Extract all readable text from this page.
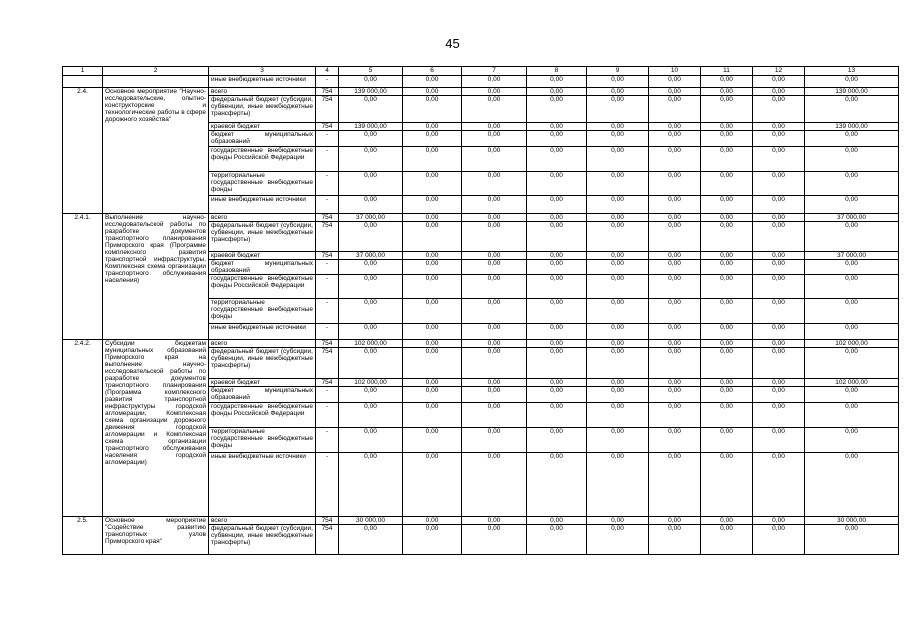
45
1	2	3	4	5	6	7	8	9	10	11	12	13
		иные внебюджетные источники	-	0,00	0,00	0,00	0,00	0,00	0,00	0,00	0,00	0,00
2.4.	Основное мероприятие "Научно-исследовательские, опытно-конструкторские и технологические работы в сфере дорожного хозяйства"	всего	754	139 000,00	0,00	0,00	0,00	0,00	0,00	0,00	0,00	139 000,00
		федеральный бюджет (субсидии, субвенции, иные межбюджетные трансферты)	754	0,00	0,00	0,00	0,00	0,00	0,00	0,00	0,00	0,00
		краевой бюджет	754	139 000,00	0,00	0,00	0,00	0,00	0,00	0,00	0,00	139 000,00
		бюджет муниципальных образований	-	0,00	0,00	0,00	0,00	0,00	0,00	0,00	0,00	0,00
		государственные внебюджетные фонды Российской Федерации	-	0,00	0,00	0,00	0,00	0,00	0,00	0,00	0,00	0,00
		территориальные государственные внебюджетные фонды	-	0,00	0,00	0,00	0,00	0,00	0,00	0,00	0,00	0,00
		иные внебюджетные источники	-	0,00	0,00	0,00	0,00	0,00	0,00	0,00	0,00	0,00
2.4.1.	Выполнение научно-исследовательской работы по разработке документов транспортного планирования Приморского края (Программе комплексного развития транспортной инфраструктуры, Комплексная схема организации транспортного обслуживания населения)	всего	754	37 000,00	0,00	0,00	0,00	0,00	0,00	0,00	0,00	37 000,00
		федеральный бюджет (субсидии, субвенции, иные межбюджетные трансферты)	754	0,00	0,00	0,00	0,00	0,00	0,00	0,00	0,00	0,00
		краевой бюджет	754	37 000,00	0,00	0,00	0,00	0,00	0,00	0,00	0,00	37 000,00
		бюджет муниципальных образований	-	0,00	0,00	0,00	0,00	0,00	0,00	0,00	0,00	0,00
		государственные внебюджетные фонды Российской Федерации	-	0,00	0,00	0,00	0,00	0,00	0,00	0,00	0,00	0,00
		территориальные государственные внебюджетные фонды	-	0,00	0,00	0,00	0,00	0,00	0,00	0,00	0,00	0,00
		иные внебюджетные источники	-	0,00	0,00	0,00	0,00	0,00	0,00	0,00	0,00	0,00
2.4.2.	Субсидии бюджетам муниципальных образований Приморского края на выполнение научно-исследовательской работы по разработке документов транспортного планирования (Программа комплексного развития транспортной инфраструктуры городской агломерации, Комплексная схема организации дорожного движения городской агломерации и Комплексная схема организации транспортного обслуживания населения городской агломерации)	всего	754	102 000,00	0,00	0,00	0,00	0,00	0,00	0,00	0,00	102 000,00
		федеральный бюджет (субсидии, субвенции, иные межбюджетные трансферты)	754	0,00	0,00	0,00	0,00	0,00	0,00	0,00	0,00	0,00
		краевой бюджет	754	102 000,00	0,00	0,00	0,00	0,00	0,00	0,00	0,00	102 000,00
		бюджет муниципальных образований	-	0,00	0,00	0,00	0,00	0,00	0,00	0,00	0,00	0,00
		государственные внебюджетные фонды Российской Федерации	-	0,00	0,00	0,00	0,00	0,00	0,00	0,00	0,00	0,00
		территориальные государственные внебюджетные фонды	-	0,00	0,00	0,00	0,00	0,00	0,00	0,00	0,00	0,00
		иные внебюджетные источники	-	0,00	0,00	0,00	0,00	0,00	0,00	0,00	0,00	0,00
2.5.	Основное мероприятие "Содействие развитию транспортных узлов Приморского края"	всего	754	30 000,00	0,00	0,00	0,00	0,00	0,00	0,00	0,00	30 000,00
		федеральный бюджет (субсидии, субвенции, иные межбюджетные трансферты)	754	0,00	0,00	0,00	0,00	0,00	0,00	0,00	0,00	0,00
